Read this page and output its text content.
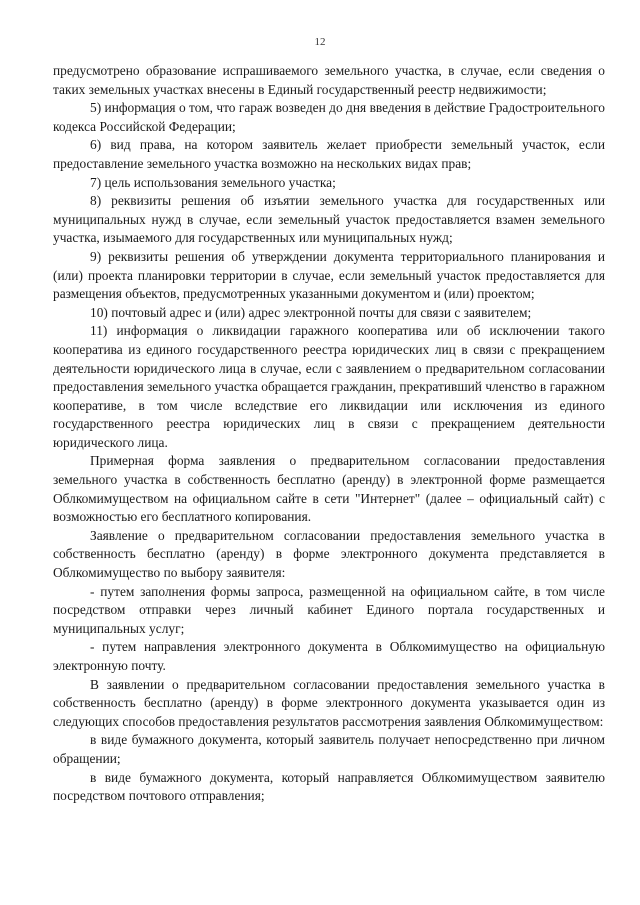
12

предусмотрено образование испрашиваемого земельного участка, в случае, если сведения о таких земельных участках внесены в Единый государственный реестр недвижимости;

5) информация о том, что гараж возведен до дня введения в действие Градостроительного кодекса Российской Федерации;

6) вид права, на котором заявитель желает приобрести земельный участок, если предоставление земельного участка возможно на нескольких видах прав;

7) цель использования земельного участка;

8) реквизиты решения об изъятии земельного участка для государственных или муниципальных нужд в случае, если земельный участок предоставляется взамен земельного участка, изымаемого для государственных или муниципальных нужд;

9) реквизиты решения об утверждении документа территориального планирования и (или) проекта планировки территории в случае, если земельный участок предоставляется для размещения объектов, предусмотренных указанными документом и (или) проектом;

10) почтовый адрес и (или) адрес электронной почты для связи с заявителем;

11) информация о ликвидации гаражного кооператива или об исключении такого кооператива из единого государственного реестра юридических лиц в связи с прекращением деятельности юридического лица в случае, если с заявлением о предварительном согласовании предоставления земельного участка обращается гражданин, прекративший членство в гаражном кооперативе, в том числе вследствие его ликвидации или исключения из единого государственного реестра юридических лиц в связи с прекращением деятельности юридического лица.

Примерная форма заявления о предварительном согласовании предоставления земельного участка в собственность бесплатно (аренду) в электронной форме размещается Облкомимуществом на официальном сайте в сети "Интернет" (далее – официальный сайт) с возможностью его бесплатного копирования.

Заявление о предварительном согласовании предоставления земельного участка в собственность бесплатно (аренду) в форме электронного документа представляется в Облкомимущество по выбору заявителя:

- путем заполнения формы запроса, размещенной на официальном сайте, в том числе посредством отправки через личный кабинет Единого портала государственных и муниципальных услуг;

- путем направления электронного документа в Облкомимущество на официальную электронную почту.

В заявлении о предварительном согласовании предоставления земельного участка в собственность бесплатно (аренду) в форме электронного документа указывается один из следующих способов предоставления результатов рассмотрения заявления Облкомимуществом:

в виде бумажного документа, который заявитель получает непосредственно при личном обращении;

в виде бумажного документа, который направляется Облкомимуществом заявителю посредством почтового отправления;
